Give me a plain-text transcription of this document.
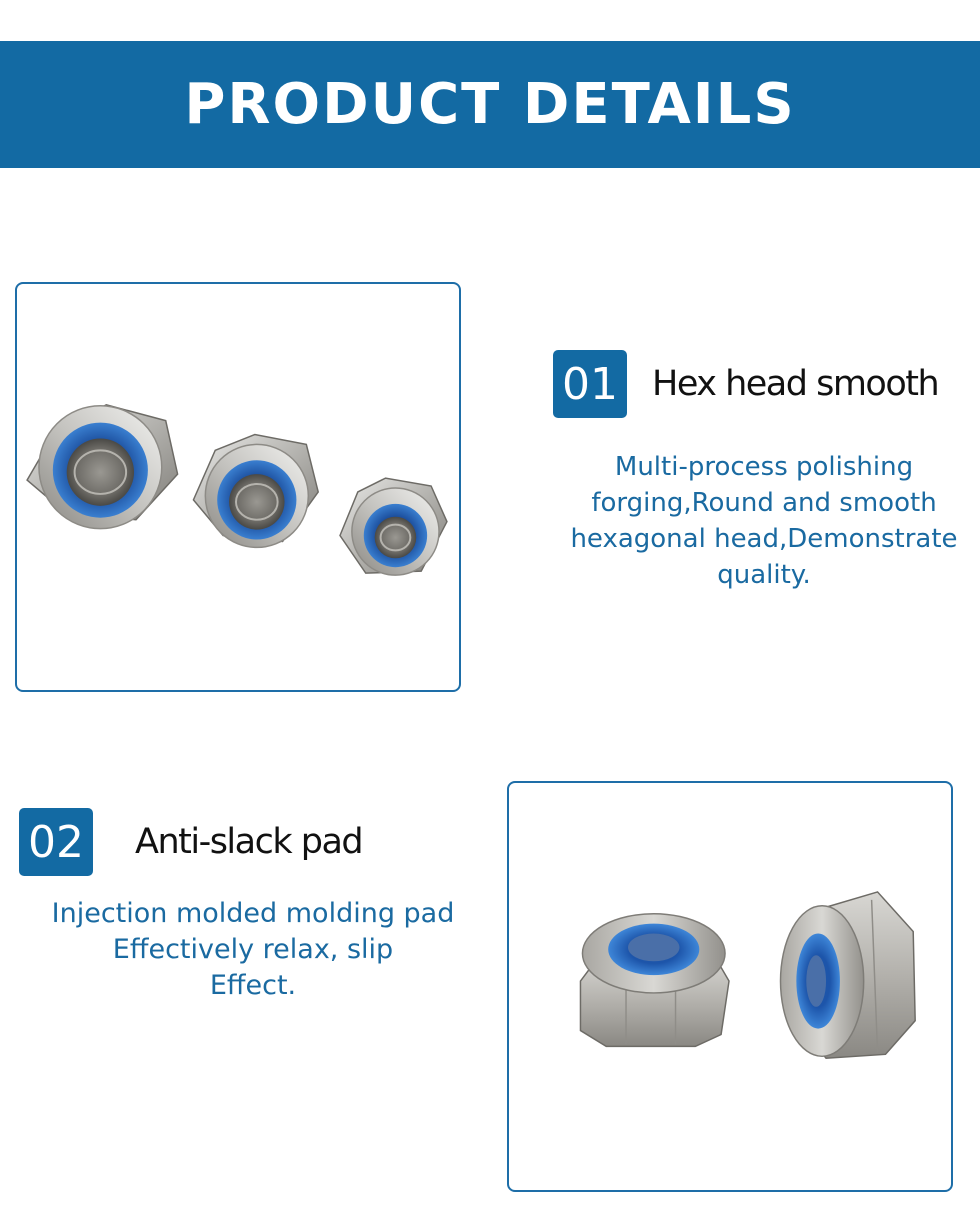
PRODUCT DETAILS
01 Hex head smooth
Multi-process polishing
forging,Round and smooth
hexagonal head,Demonstrate
quality.
02 Anti-slack pad
Injection molded molding pad
Effectively relax, slip
Effect.
